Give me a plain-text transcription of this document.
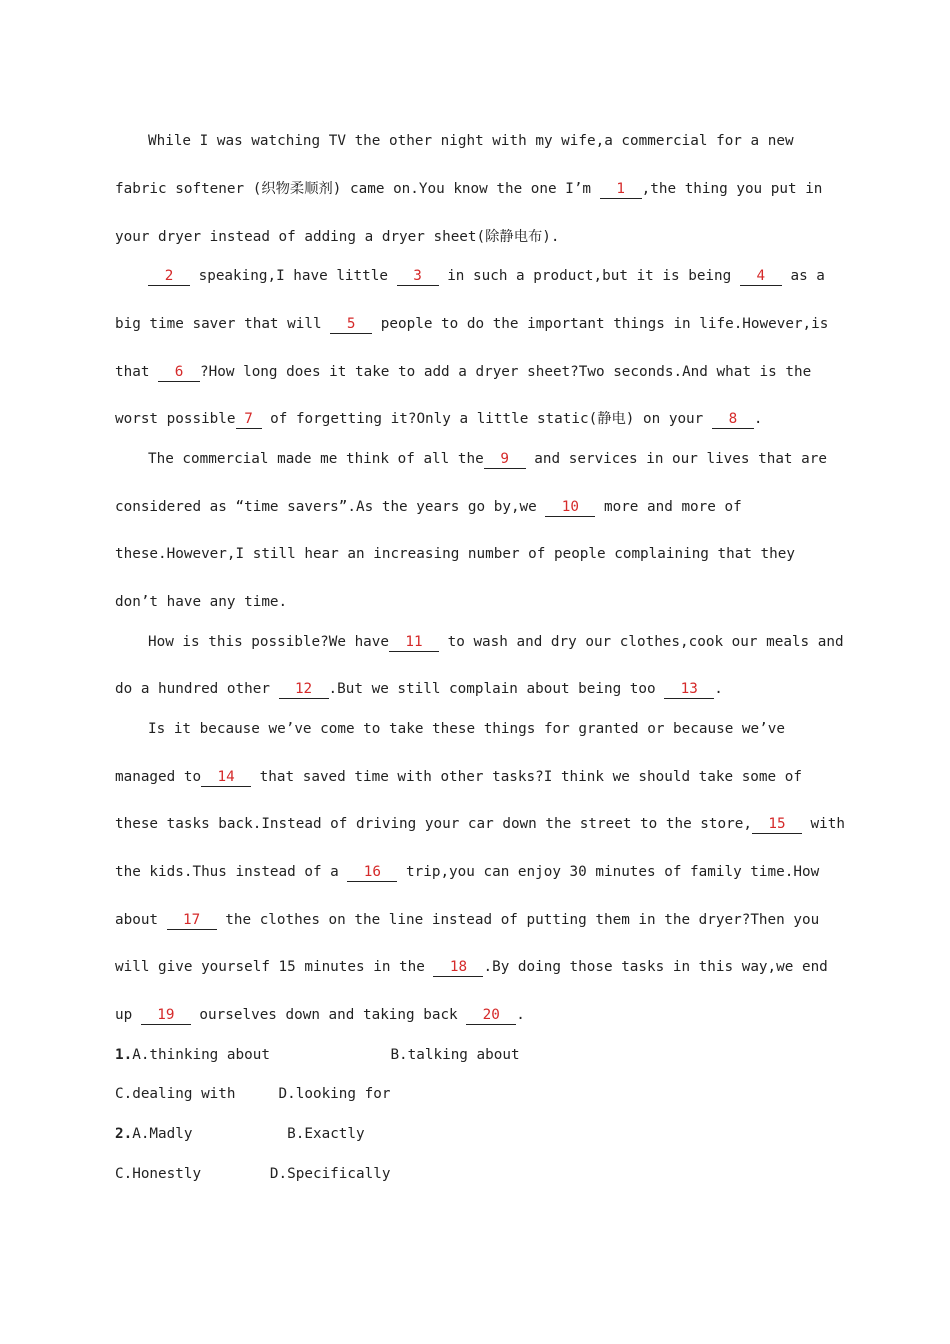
While I was watching TV the other night with my wife,a commercial for a new
fabric softener (织物柔顺剂) came on.You know the one I’m 1 ,the thing you put in
your dryer instead of adding a dryer sheet(除静电布).
2 speaking,I have little 3 in such a product,but it is being 4 as a
big time saver that will 5 people to do the important things in life.However,is
that 6 ?How long does it take to add a dryer sheet?Two seconds.And what is the
worst possible 7 of forgetting it?Only a little static(静电) on your 8 .
The commercial made me think of all the 9 and services in our lives that are
considered as “time savers”.As the years go by,we 10 more and more of
these.However,I still hear an increasing number of people complaining that they
don’t have any time.
How is this possible?We have 11 to wash and dry our clothes,cook our meals and
do a hundred other 12 .But we still complain about being too 13 .
Is it because we’ve come to take these things for granted or because we’ve
managed to 14 that saved time with other tasks?I think we should take some of
these tasks back.Instead of driving your car down the street to the store, 15 with
the kids.Thus instead of a 16 trip,you can enjoy 30 minutes of family time.How
about 17 the clothes on the line instead of putting them in the dryer?Then you
will give yourself 15 minutes in the 18 .By doing those tasks in this way,we end
up 19 ourselves down and taking back 20 .
1.A.thinking about              B.talking about
C.dealing with     D.looking for
2.A.Madly           B.Exactly
C.Honestly        D.Specifically
